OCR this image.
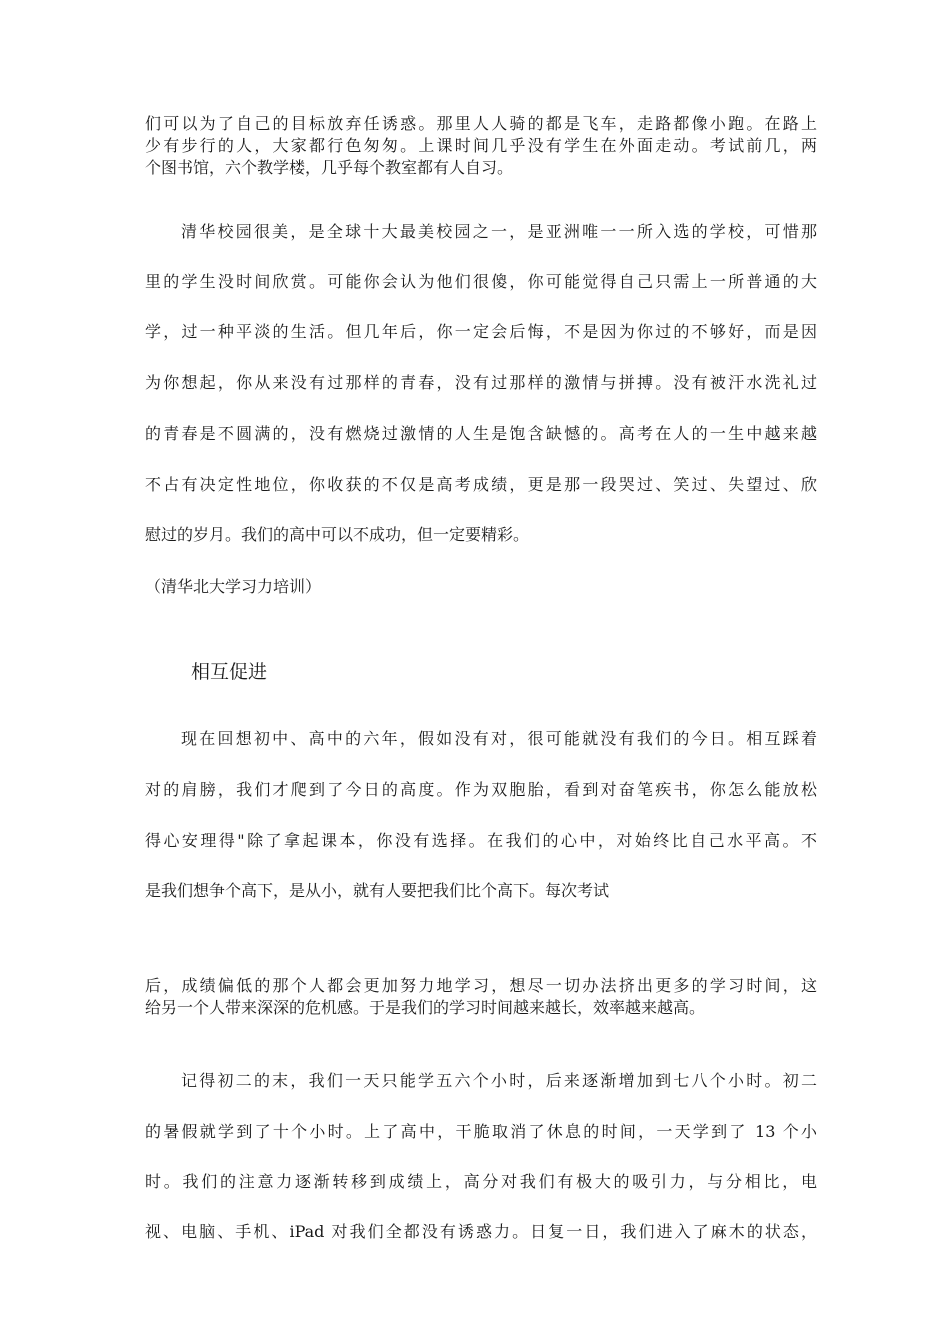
们可以为了自己的目标放弃任诱惑。那里人人骑的都是飞车，走路都像小跑。在路上
少有步行的人，大家都行色匆匆。上课时间几乎没有学生在外面走动。考试前几，两
个图书馆，六个教学楼，几乎每个教室都有人自习。
清华校园很美，是全球十大最美校园之一，是亚洲唯一一所入选的学校，可惜那
里的学生没时间欣赏。可能你会认为他们很傻，你可能觉得自己只需上一所普通的大
学，过一种平淡的生活。但几年后，你一定会后悔，不是因为你过的不够好，而是因
为你想起，你从来没有过那样的青春，没有过那样的激情与拼搏。没有被汗水洗礼过
的青春是不圆满的，没有燃烧过激情的人生是饱含缺憾的。高考在人的一生中越来越
不占有决定性地位，你收获的不仅是高考成绩，更是那一段哭过、笑过、失望过、欣
慰过的岁月。我们的高中可以不成功，但一定要精彩。
（清华北大学习力培训）
相互促进
现在回想初中、高中的六年，假如没有对，很可能就没有我们的今日。相互踩着
对的肩膀，我们才爬到了今日的高度。作为双胞胎，看到对奋笔疾书，你怎么能放松
得心安理得"除了拿起课本，你没有选择。在我们的心中，对始终比自己水平高。不
是我们想争个高下，是从小，就有人要把我们比个高下。每次考试
后，成绩偏低的那个人都会更加努力地学习，想尽一切办法挤出更多的学习时间，这
给另一个人带来深深的危机感。于是我们的学习时间越来越长，效率越来越高。
记得初二的末，我们一天只能学五六个小时，后来逐渐增加到七八个小时。初二
的暑假就学到了十个小时。上了高中，干脆取消了休息的时间，一天学到了 13 个小
时。我们的注意力逐渐转移到成绩上，高分对我们有极大的吸引力，与分相比，电
视、电脑、手机、iPad 对我们全都没有诱惑力。日复一日，我们进入了麻木的状态，
